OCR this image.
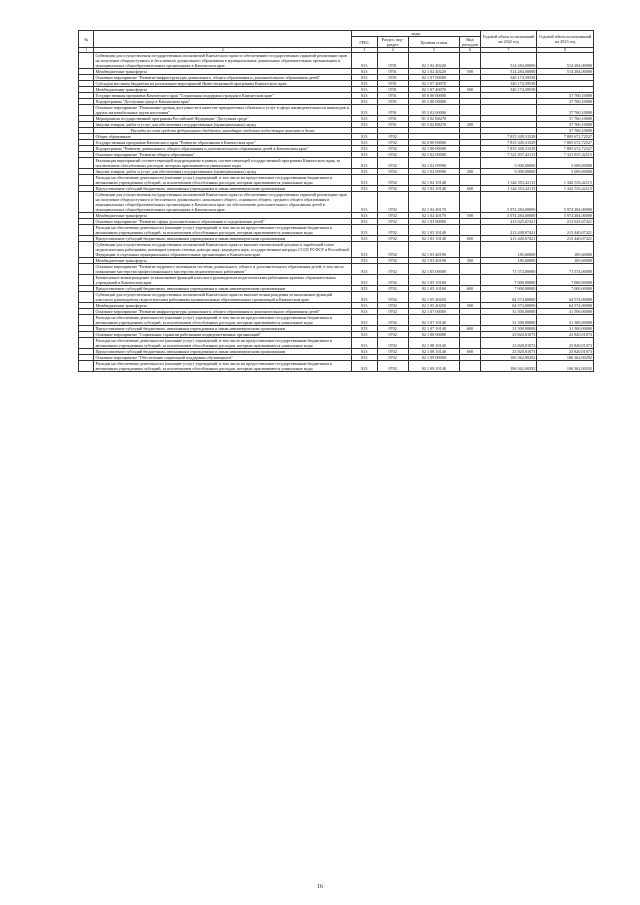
№		коды				Годовой объем ассигнований на 2022 год	Годовой объем ассигнований на 2023 год
		ГРБС	Раздел, под-раздел	Целевая статья	Вид расходов		
1	2	3	4	5	6	7	8
	Субвенции для осуществления государственных полномочий Камчатского края по обеспечению государственных гарантий реализации прав на получение общедоступного и бесплатного дошкольного образования в муниципальных дошкольных образовательных организациях и муниципальных общеобразовательных организациях в Камчатском крае	813	0701	02 1 02 40220		514 284,00000	514 284,00000
	Межбюджетные трансферты	813	0701	02 1 02 40220	500	514 284,00000	514 284,00000
	Основное мероприятие "Развитие инфраструктуры дошкольного, общего образования и дополнительного образования детей"	813	0701	02 1 07 00000		320 174,39558	
	Субсидия местным бюджетам на реализацию мероприятий Инвестиционной программы Камчатского края	813	0701	02 1 07 40070		320 174,39558	
	Межбюджетные трансферты	813	0701	02 1 07 40070	500	320 174,39558	
	Государственная программа Камчатского края "Социальная поддержка граждан в Камчатском крае"	813	0701	05 0 00 00000			37 760,10000
	Подпрограмма "Доступная среда в Камчатском крае"	813	0701	05 3 00 00000			37 760,10000
	Основное мероприятие "Повышение уровня доступности в качестве приоритетных объектов и услуг в сфере жизнедеятельности инвалидов и других маломобильных групп населения"	813	0701	05 3 02 00000			37 760,10000
	Мероприятия государственной программы Российской Федерации "Доступная среда"	813	0701	05 3 02 R0270			37 760,10000
	Закупка товаров, работ и услуг для обеспечения государственных (муниципальных) нужд	813	0701	05 3 02 R0270	200		37 760,10000
	Расходы за счет средств федерального бюджета, выходящие отдельно подлежащие выплате в долях						37 760,10000
	Общее образование	813	0702			7 815 349,31529	7 805 672,72527
	Государственная программа Камчатского края "Развитие образования в Камчатском крае"	813	0702	02 0 00 00000		7 815 349,31529	7 805 672,72527
	Подпрограмма "Развитие дошкольного, общего образования и дополнительного образования детей в Камчатском крае"	813	0702	02 1 00 00000		7 815 349,31529	7 805 672,72527
	Основное мероприятие "Развитие общего образования"	813	0702	02 1 02 00000		7 321 837,42115	7 321 837,42115
	Реализация мероприятий соответствующей подпрограммы в рамках соответствующей государственной программы Камчатского края, за исключением обособленных расходов, которым присваиваются уникальные коды	813	0702	02 1 02 09990		5 000,00000	5 000,00000
	Закупка товаров, работ и услуг для обеспечения государственных (муниципальных) нужд	813	0702	02 1 02 09990	200	5 000,00000	5 000,00000
	Расходы на обеспечение деятельности (оказание услуг) учреждений, в том числе на предоставление государственным бюджетным и автономным учреждениям субсидий, за исключением обособленных расходов, которым присваиваются уникальные коды	813	0702	02 1 02 10140		1 342 553,42115	1 342 553,42115
	Предоставление субсидий бюджетным, автономным учреждениям и иным некоммерческим организациям	813	0702	02 1 02 10140	600	1 342 553,42115	1 342 553,42115
	Субвенции для осуществления государственных полномочий Камчатского края по обеспечению государственных гарантий реализации прав на получение общедоступного и бесплатного дошкольного, начального общего, основного общего, среднего общего образования в муниципальных общеобразовательных организациях в Камчатском крае, по обеспечению дополнительного образования детей в муниципальных общеобразовательных организациях в Камчатском крае	813	0702	02 1 02 40170		5 974 284,00000	5 974 284,00000
	Межбюджетные трансферты	813	0702	02 1 02 40170	500	5 974 284,00000	5 974 284,00000
	Основное мероприятие "Развитие сферы дополнительного образования и оздоровления детей"	813	0702	02 1 03 00000		213 625,67421	213 625,67421
	Расходы на обеспечение деятельности (оказание услуг) учреждений, в том числе на предоставление государственным бюджетным и автономным учреждениям субсидий, за исключением обособленных расходов, которым присваиваются уникальные коды	813	0702	02 1 03 10140		213 440,07421	213 440,07421
	Предоставление субсидий бюджетным, автономным учреждениям и иным некоммерческим организациям	813	0702	02 1 03 10140	600	213 440,07421	213 440,07421
	Субвенции для осуществления государственных полномочий Камчатского края по выплате ежемесячной доплаты к заработной плате педагогическим работникам, имеющим ученую степень доктора наук, кандидата наук, государственные награды СССР, РСФСР и Российской Федерации, в отдельных муниципальных образовательных организациях в Камчатском крае	813	0702	02 1 03 40190		185,60000	185,60000
	Межбюджетные трансферты	813	0702	02 1 03 40190	500	185,60000	185,60000
	Основное мероприятие "Развитие кадрового потенциала системы дошкольного, общего и дополнительного образования детей, в том числе повышение мастерства профессионального мастерства педагогических работников"	813	0702	02 1 05 00000		71 574,00000	71 574,00000
	Ежемесячное вознаграждение за выполнение функций классного руководителя педагогическим работникам краевых образовательных учреждений в Камчатском крае	813	0702	02 1 05 10160		7 000,00000	7 000,00000
	Предоставление субсидий бюджетным, автономным учреждениям и иным некоммерческим организациям	813	0702	02 1 05 10160	600	7 000,00000	7 000,00000
	Субвенции для осуществления государственных полномочий Камчатского края по выплате вознаграждения за выполнение функций классного руководителя педагогическим работникам муниципальных образовательных организаций в Камчатском крае	813	0702	02 1 05 40250		64 574,00000	64 574,00000
	Межбюджетные трансферты	813	0702	02 1 05 40250	500	64 574,00000	64 574,00000
	Основное мероприятие "Развитие инфраструктуры дошкольного, общего образования и дополнительного образования детей"	813	0702	02 1 07 00000		31 500,00000	31 500,00000
	Расходы на обеспечение деятельности (оказание услуг) учреждений, в том числе на предоставление государственным бюджетным и автономным учреждениям субсидий, за исключением обособленных расходов, которым присваиваются уникальные коды	813	0702	02 1 07 10140		31 500,00000	31 500,00000
	Предоставление субсидий бюджетным, автономным учреждениям и иным некоммерческим организациям	813	0702	02 1 07 10140	600	31 500,00000	31 500,00000
	Основное мероприятие "Социальные гарантии работникам подведомственных организаций"	813	0702	02 1 08 00000		23 820,01073	23 820,01073
	Расходы на обеспечение деятельности (оказание услуг) учреждений, в том числе на предоставление государственным бюджетным и автономным учреждениям субсидий, за исключением обособленных расходов, которым присваиваются уникальные коды	813	0702	02 1 08 10140		23 820,01073	23 820,01073
	Предоставление субсидий бюджетным, автономным учреждениям и иным некоммерческим организациям	813	0702	02 1 08 10140	600	23 820,01073	23 820,01073
	Основное мероприятие "Обеспечение социальной поддержки обучающихся"	813	0702	02 1 09 00000		106 362,00292	106 362,00292
	Расходы на обеспечение деятельности (оказание услуг) учреждений, в том числе на предоставление государственным бюджетным и автономным учреждениям субсидий, за исключением обособленных расходов, которым присваиваются уникальные коды	813	0702	02 1 09 10140		106 362,00292	106 362,00292
16
